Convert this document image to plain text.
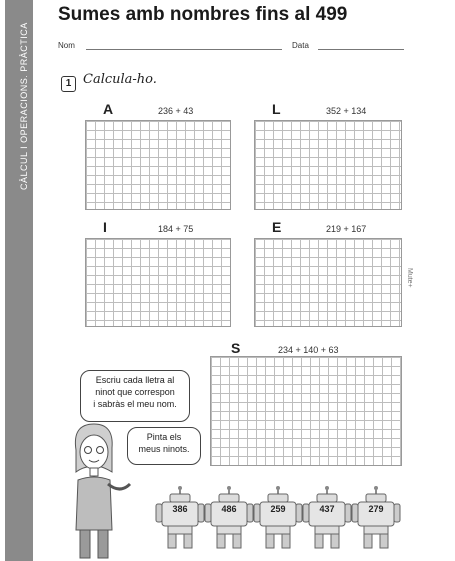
CÀLCUL I OPERACIONS. PRÀCTICA
Sumes amb nombres fins al 499
Nom	Data
1 Calcula-ho.
A	236 + 43	L	352 + 134
I	184 + 75	E	219 + 167
Mute+
S	234 + 140 + 63
Escriu cada lletra al
ninot que correspon
i sabràs el meu nom.
Pinta els
meus ninots.
386	486	259	437	279
